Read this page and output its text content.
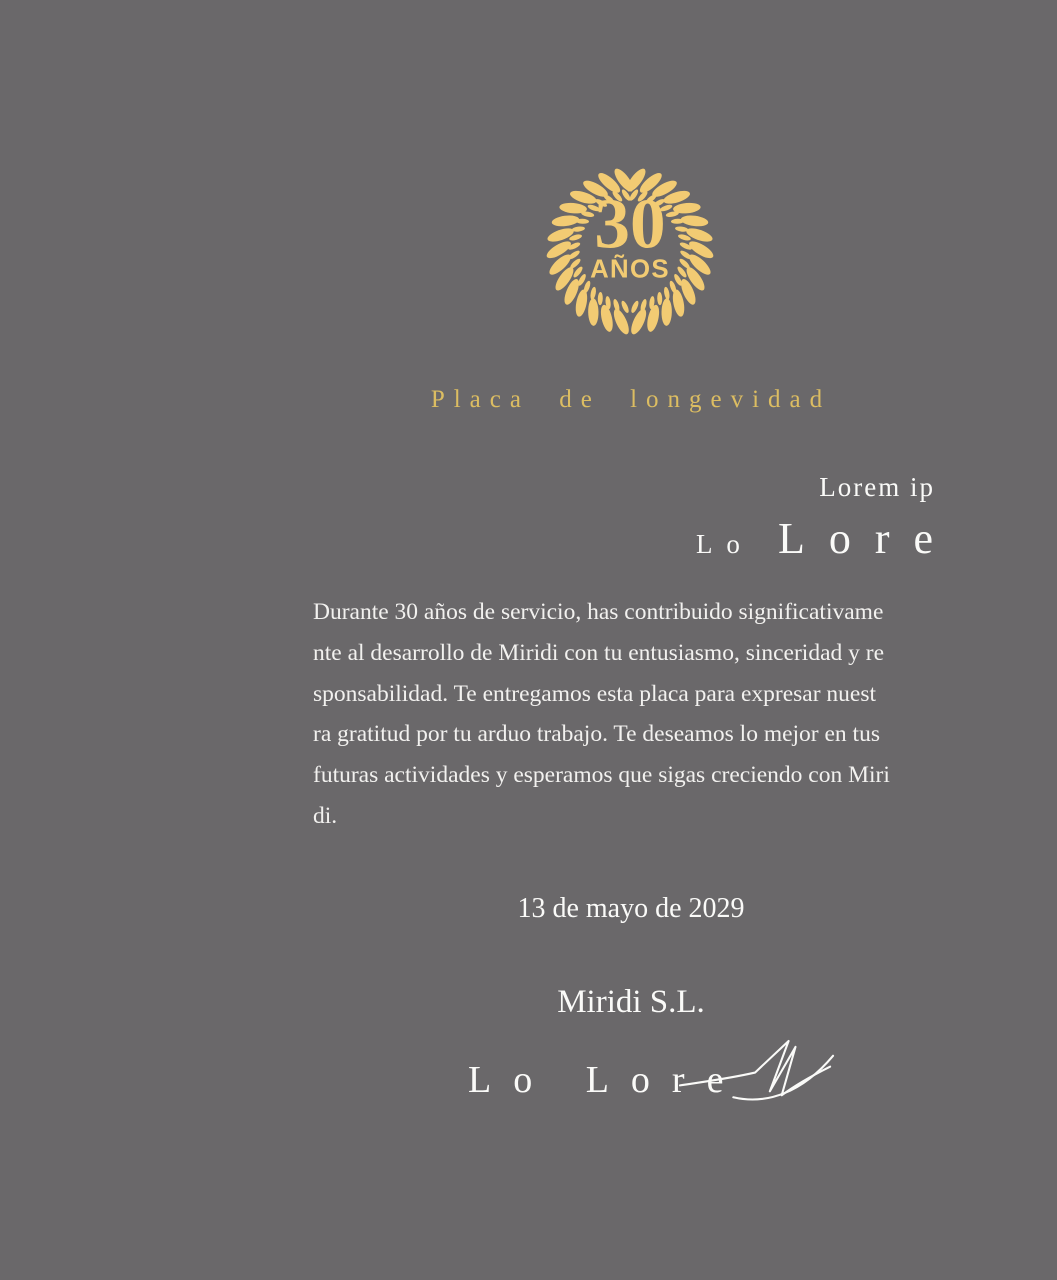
30
AÑOS
Placa de longevidad
Lorem ip
Lo Lore
Durante 30 años de servicio, has contribuido significativame
nte al desarrollo de Miridi con tu entusiasmo, sinceridad y re
sponsabilidad. Te entregamos esta placa para expresar nuest
ra gratitud por tu arduo trabajo. Te deseamos lo mejor en tus
futuras actividades y esperamos que sigas creciendo con Miri
di.
13 de mayo de 2029
Miridi S.L.
Lo Lore
